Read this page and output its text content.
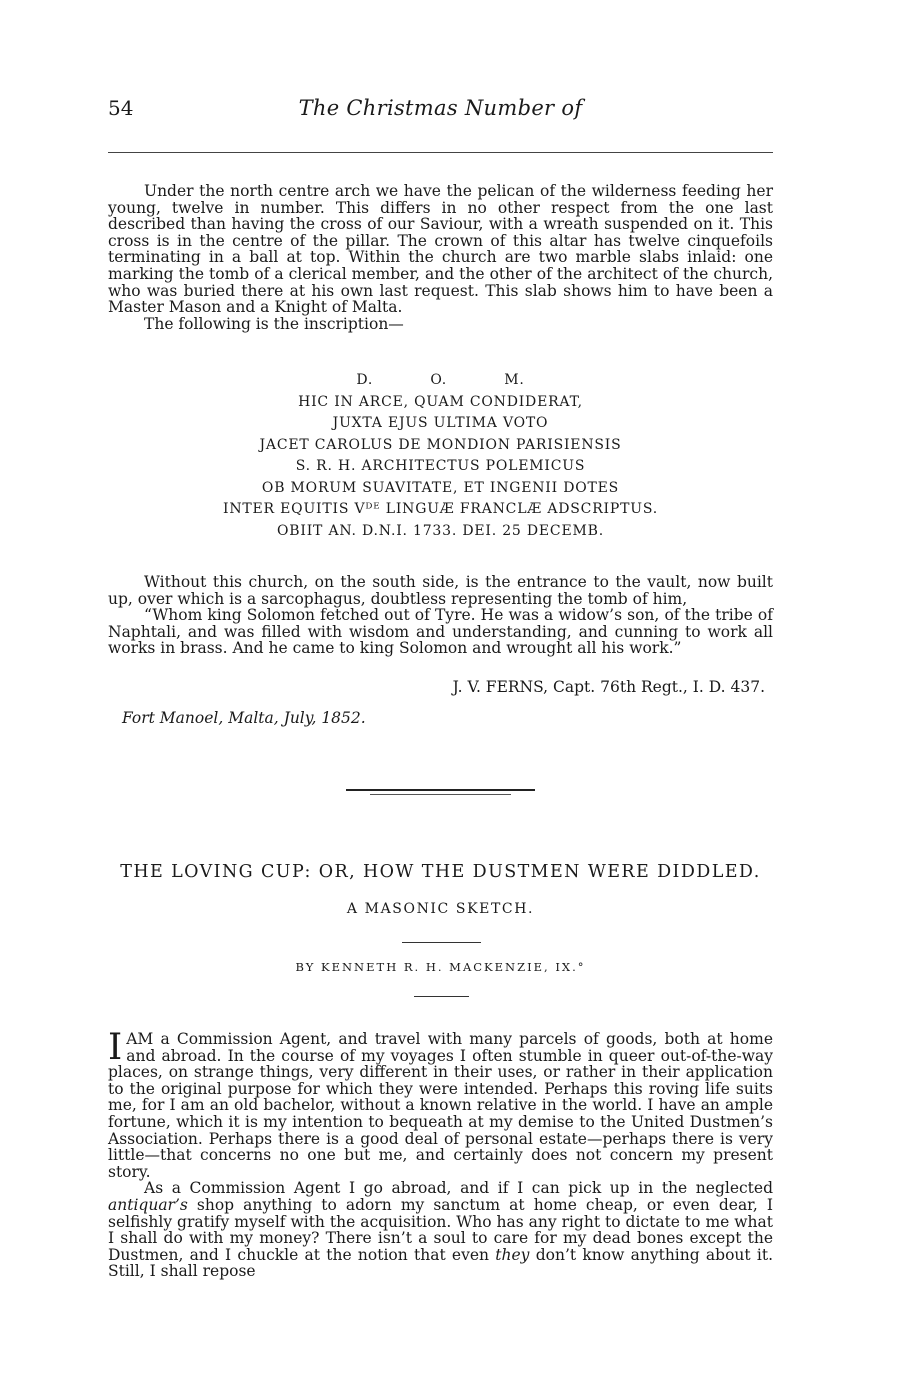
54	The Christmas Number of

Under the north centre arch we have the pelican of the wilderness feeding her young, twelve in number. This differs in no other respect from the one last described than having the cross of our Saviour, with a wreath suspended on it. This cross is in the centre of the pillar. The crown of this altar has twelve cinquefoils terminating in a ball at top. Within the church are two marble slabs inlaid: one marking the tomb of a clerical member, and the other of the architect of the church, who was buried there at his own last request. This slab shows him to have been a Master Mason and a Knight of Malta.

The following is the inscription—

D. O. M.
HIC IN ARCE, QUAM CONDIDERAT,
JUXTA EJUS ULTIMA VOTO
JACET CAROLUS DE MONDION PARISIENSIS
S. R. H. ARCHITECTUS POLEMICUS
OB MORUM SUAVITATE, ET INGENII DOTES
INTER EQUITIS Vᴰᴱ LINGUÆ FRANCLÆ ADSCRIPTUS.
OBIIT AN. D.N.I. 1733. DEI. 25 DECEMB.

Without this church, on the south side, is the entrance to the vault, now built up, over which is a sarcophagus, doubtless representing the tomb of him,

“Whom king Solomon fetched out of Tyre. He was a widow’s son, of the tribe of Naphtali, and was filled with wisdom and understanding, and cunning to work all works in brass. And he came to king Solomon and wrought all his work.”

J. V. FERNS, Capt. 76th Regt., I. D. 437.
Fort Manoel, Malta, July, 1852.
THE LOVING CUP: OR, HOW THE DUSTMEN WERE DIDDLED.
A MASONIC SKETCH.
BY KENNETH R. H. MACKENZIE, IX.°

IAM a Commission Agent, and travel with many parcels of goods, both at home and abroad. In the course of my voyages I often stumble in queer out-of-the-way places, on strange things, very different in their uses, or rather in their application to the original purpose for which they were intended. Perhaps this roving life suits me, for I am an old bachelor, without a known relative in the world. I have an ample fortune, which it is my intention to bequeath at my demise to the United Dustmen’s Association. Perhaps there is a good deal of personal estate—perhaps there is very little—that concerns no one but me, and certainly does not concern my present story.

As a Commission Agent I go abroad, and if I can pick up in the neglected antiquar’s shop anything to adorn my sanctum at home cheap, or even dear, I selfishly gratify myself with the acquisition. Who has any right to dictate to me what I shall do with my money? There isn’t a soul to care for my dead bones except the Dustmen, and I chuckle at the notion that even they don’t know anything about it. Still, I shall repose
